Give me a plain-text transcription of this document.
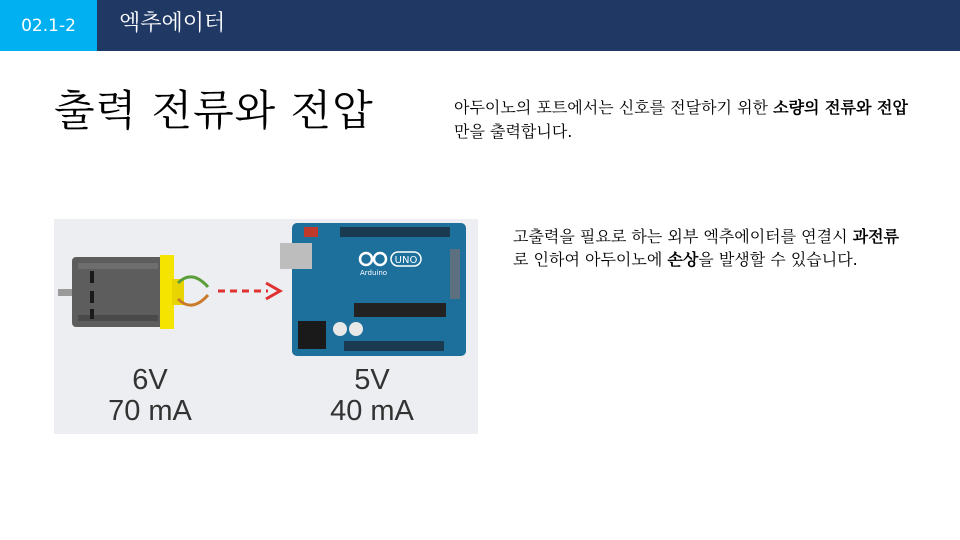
02.1-2	엑추에이터
출력 전류와 전압	아두이노의 포트에서는 신호를 전달하기 위한 소량의 전류와 전압만을 출력합니다.
UNO
Arduino
6V
70 mA
5V
40 mA
고출력을 필요로 하는 외부 엑추에이터를 연결시 과전류로 인하여 아두이노에 손상을 발생할 수 있습니다.
